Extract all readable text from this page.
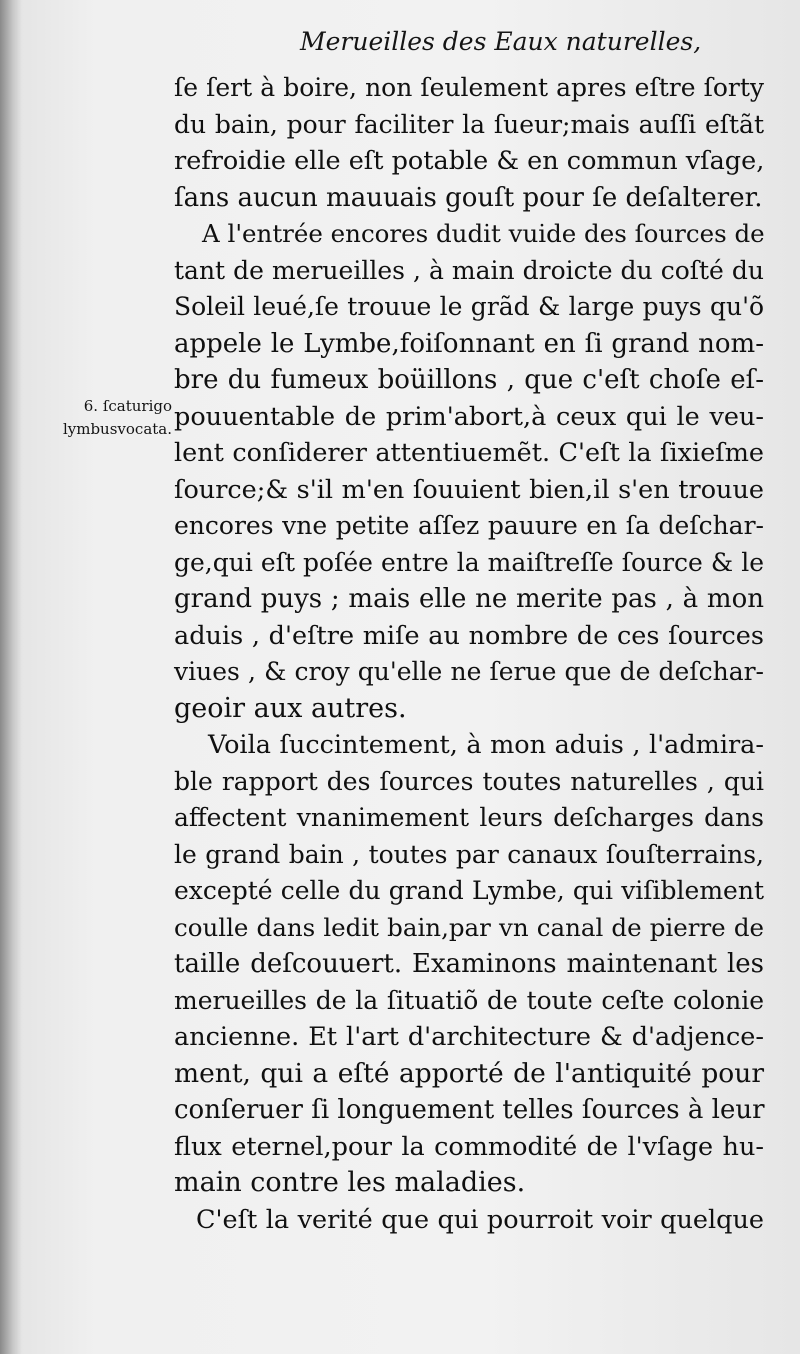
Merueilles des Eaux naturelles,
6. ſcaturigo
lymbusvocata.
ſe ſert à boire, non ſeulement apres eſtre ſorty
du bain, pour faciliter la ſueur;mais auſſi eſtãt
refroidie elle eſt potable & en commun vſage,
ſans aucun mauuais gouſt pour ſe deſalterer.
A l'entrée encores dudit vuide des ſources de
tant de merueilles , à main droicte du coſté du
Soleil leué,ſe trouue le grãd & large puys qu'õ
appele le Lymbe,foiſonnant en ſi grand nom-
bre du fumeux boüillons , que c'eſt choſe eſ-
pouuentable de prim'abort,à ceux qui le veu-
lent conſiderer attentiuemẽt. C'eſt la ſixieſme
ſource;& s'il m'en ſouuient bien,il s'en trouue
encores vne petite aſſez pauure en ſa deſchar-
ge,qui eſt poſée entre la maiſtreſſe ſource & le
grand puys ; mais elle ne merite pas , à mon
aduis , d'eſtre miſe au nombre de ces ſources
viues , & croy qu'elle ne ſerue que de deſchar-
geoir aux autres.
Voila ſuccintement, à mon aduis , l'admira-
ble rapport des ſources toutes naturelles , qui
affectent vnanimement leurs deſcharges dans
le grand bain , toutes par canaux ſouſterrains,
excepté celle du grand Lymbe, qui viſiblement
coulle dans ledit bain,par vn canal de pierre de
taille deſcouuert. Examinons maintenant les
merueilles de la ſituatiõ de toute ceſte colonie
ancienne. Et l'art d'architecture & d'adjence-
ment, qui a eſté apporté de l'antiquité pour
conſeruer ſi longuement telles ſources à leur
flux eternel,pour la commodité de l'vſage hu-
main contre les maladies.
C'eſt la verité que qui pourroit voir quelque
